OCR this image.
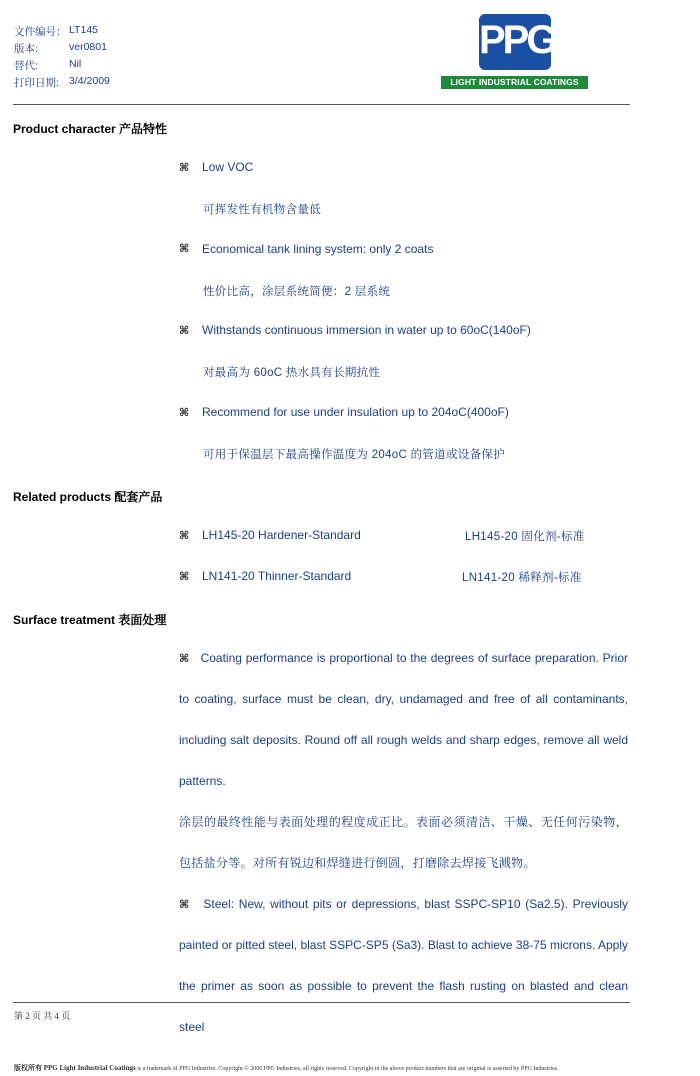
文件编号： LT145
版本:	ver0801
替代:	Nil
打印日期: 3/4/2009
PPG
LIGHT INDUSTRIAL COATINGS
Product character 产品特性
⌘ Low VOC
可挥发性有机物含量低
⌘ Economical tank lining system: only 2 coats
性价比高，涂层系统简便：2 层系统
⌘ Withstands continuous immersion in water up to 60oC(140oF)
对最高为 60oC 热水具有长期抗性
⌘ Recommend for use under insulation up to 204oC(400oF)
可用于保温层下最高操作温度为 204oC 的管道或设备保护
Related products 配套产品
⌘ LH145-20 Hardener-Standard	LH145-20 固化剂-标准
⌘ LN141-20 Thinner-Standard	LN141-20 稀释剂-标准
Surface treatment 表面处理
⌘ Coating performance is proportional to the degrees of surface preparation. Prior to coating, surface must be clean, dry, undamaged and free of all contaminants, including salt deposits. Round off all rough welds and sharp edges, remove all weld patterns.
涂层的最终性能与表面处理的程度成正比。表面必须清洁、干燥、无任何污染物，包括盐分等。对所有锐边和焊缝进行倒圆，打磨除去焊接飞溅物。
⌘ Steel: New, without pits or depressions, blast SSPC-SP10 (Sa2.5). Previously painted or pitted steel, blast SSPC-SP5 (Sa3). Blast to achieve 38-75 microns. Apply the primer as soon as possible to prevent the flash rusting on blasted and clean steel
第 2 页 共 4 页
版权所有 PPG Light Industrial Coatings is a trademark of PPG Industries. Copyright © 2006 PPG Industries, all rights reserved. Copyright in the above product numbers that are original is asserted by PPG Industries.
